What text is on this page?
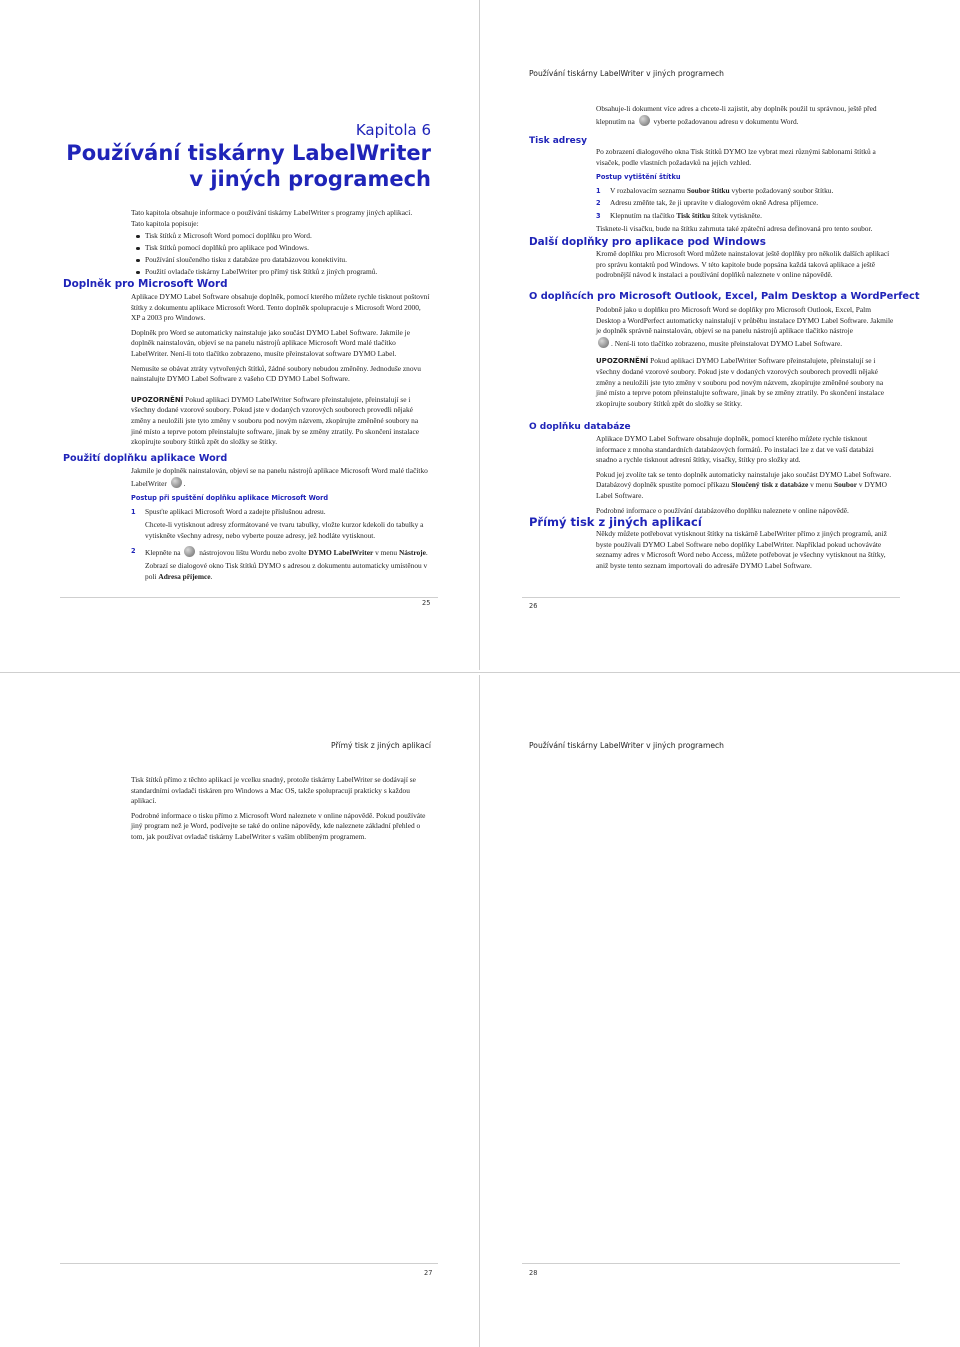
Kapitola 6
Používání tiskárny LabelWriter
v jiných programech
Tato kapitola obsahuje informace o používání tiskárny LabelWriter s programy jiných aplikací.
Tato kapitola popisuje:
Tisk štítků z Microsoft Word pomocí doplňku pro Word.
Tisk štítků pomocí doplňků pro aplikace pod Windows.
Používání sloučeného tisku z databáze pro databázovou konektivitu.
Použití ovladače tiskárny LabelWriter pro přímý tisk štítků z jiných programů.
Doplněk pro Microsoft Word

Aplikace DYMO Label Software obsahuje doplněk, pomocí kterého můžete rychle tisknout poštovní štítky z dokumentu aplikace Microsoft Word. Tento doplněk spolupracuje s Microsoft Word 2000, XP a 2003 pro Windows.

Doplněk pro Word se automaticky nainstaluje jako součást DYMO Label Software. Jakmile je doplněk nainstalován, objeví se na panelu nástrojů aplikace Microsoft Word malé tlačítko LabelWriter. Není-li toto tlačítko zobrazeno, musíte přeinstalovat software DYMO Label.

Nemusíte se obávat ztráty vytvořených štítků, žádné soubory nebudou změněny. Jednoduše znovu nainstalujte DYMO Label Software z vašeho CD DYMO Label Software.

UPOZORNĚNÍ Pokud aplikaci DYMO LabelWriter Software přeinstalujete, přeinstalují se i všechny dodané vzorové soubory. Pokud jste v dodaných vzorových souborech provedli nějaké změny a neuložili jste tyto změny v souboru pod novým názvem, zkopírujte změněné soubory na jiné místo a teprve potom přeinstalujte software, jinak by se změny ztratily. Po skončení instalace zkopírujte soubory štítků zpět do složky se štítky.

Použití doplňku aplikace Word

Jakmile je doplněk nainstalován, objeví se na panelu nástrojů aplikace Microsoft Word malé tlačítko LabelWriter .

Postup při spuštění doplňku aplikace Microsoft Word
1 Spusťte aplikaci Microsoft Word a zadejte příslušnou adresu.
Chcete-li vytisknout adresy zformátované ve tvaru tabulky, vložte kurzor kdekoli do tabulky a vytiskněte všechny adresy, nebo vyberte pouze adresy, jež hodláte vytisknout.
2 Klepněte na	nástrojovou lištu Wordu nebo zvolte DYMO LabelWriter v menu Nástroje.
Zobrazí se dialogové okno Tisk štítků DYMO s adresou z dokumentu automaticky umístěnou v poli Adresa příjemce.
25
Používání tiskárny LabelWriter v jiných programech
Obsahuje-li dokument více adres a chcete-li zajistit, aby doplněk použil tu správnou, ještě před klepnutím na	vyberte požadovanou adresu v dokumentu Word.
Tisk adresy

Po zobrazení dialogového okna Tisk štítků DYMO lze vybrat mezi různými šablonami štítků a visaček, podle vlastních požadavků na jejich vzhled.

Postup vytištění štítku
1 V rozbalovacím seznamu Soubor štítku vyberte požadovaný soubor štítku.
2 Adresu změňte tak, že ji upravíte v dialogovém okně Adresa příjemce.
3 Klepnutím na tlačítko Tisk štítku štítek vytiskněte.

Tisknete-li visačku, bude na štítku zahrnuta také zpáteční adresa definovaná pro tento soubor.

Další doplňky pro aplikace pod Windows
Kromě doplňku pro Microsoft Word můžete nainstalovat ještě doplňky pro několik dalších aplikací pro správu kontaktů pod Windows. V této kapitole bude popsána každá taková aplikace a ještě podrobnější návod k instalaci a používání doplňků naleznete v online nápovědě.
O doplňcích pro Microsoft Outlook, Excel, Palm Desktop a WordPerfect

Podobně jako u doplňku pro Microsoft Word se doplňky pro Microsoft Outlook, Excel, Palm Desktop a WordPerfect automaticky nainstalují v průběhu instalace DYMO Label Software. Jakmile je doplněk správně nainstalován, objeví se na panelu nástrojů aplikace tlačítko nástroje
. Není-li toto tlačítko zobrazeno, musíte přeinstalovat DYMO Label Software.

UPOZORNĚNÍ Pokud aplikaci DYMO LabelWriter Software přeinstalujete, přeinstalují se i všechny dodané vzorové soubory. Pokud jste v dodaných vzorových souborech provedli nějaké změny a neuložili jste tyto změny v souboru pod novým názvem, zkopírujte změněné soubory na jiné místo a teprve potom přeinstalujte software, jinak by se změny ztratily. Po skončení instalace zkopírujte soubory štítků zpět do složky se štítky.

O doplňku databáze

Aplikace DYMO Label Software obsahuje doplněk, pomocí kterého můžete rychle tisknout informace z mnoha standardních databázových formátů. Po instalaci lze z dat ve vaší databázi snadno a rychle tisknout adresní štítky, visačky, štítky pro složky atd.

Pokud jej zvolíte tak se tento doplněk automaticky nainstaluje jako součást DYMO Label Software. Databázový doplněk spustíte pomocí příkazu Sloučený tisk z databáze v menu Soubor v DYMO Label Software.

Podrobné informace o používání databázového doplňku naleznete v online nápovědě.

Přímý tisk z jiných aplikací
Někdy můžete potřebovat vytisknout štítky na tiskárně LabelWriter přímo z jiných programů, aniž byste používali DYMO Label Software nebo doplňky LabelWriter. Například pokud uchováváte seznamy adres v Microsoft Word nebo Access, můžete potřebovat je všechny vytisknout na štítky, aniž byste tento seznam importovali do adresáře DYMO Label Software.
26
Přímý tisk z jiných aplikací

Tisk štítků přímo z těchto aplikací je vcelku snadný, protože tiskárny LabelWriter se dodávají se standardními ovladači tiskáren pro Windows a Mac OS, takže spolupracují prakticky s každou aplikací.

Podrobné informace o tisku přímo z Microsoft Word naleznete v online nápovědě. Pokud používáte jiný program než je Word, podívejte se také do online nápovědy, kde naleznete základní přehled o tom, jak používat ovladač tiskárny LabelWriter s vaším oblíbeným programem.

27
Používání tiskárny LabelWriter v jiných programech
28
